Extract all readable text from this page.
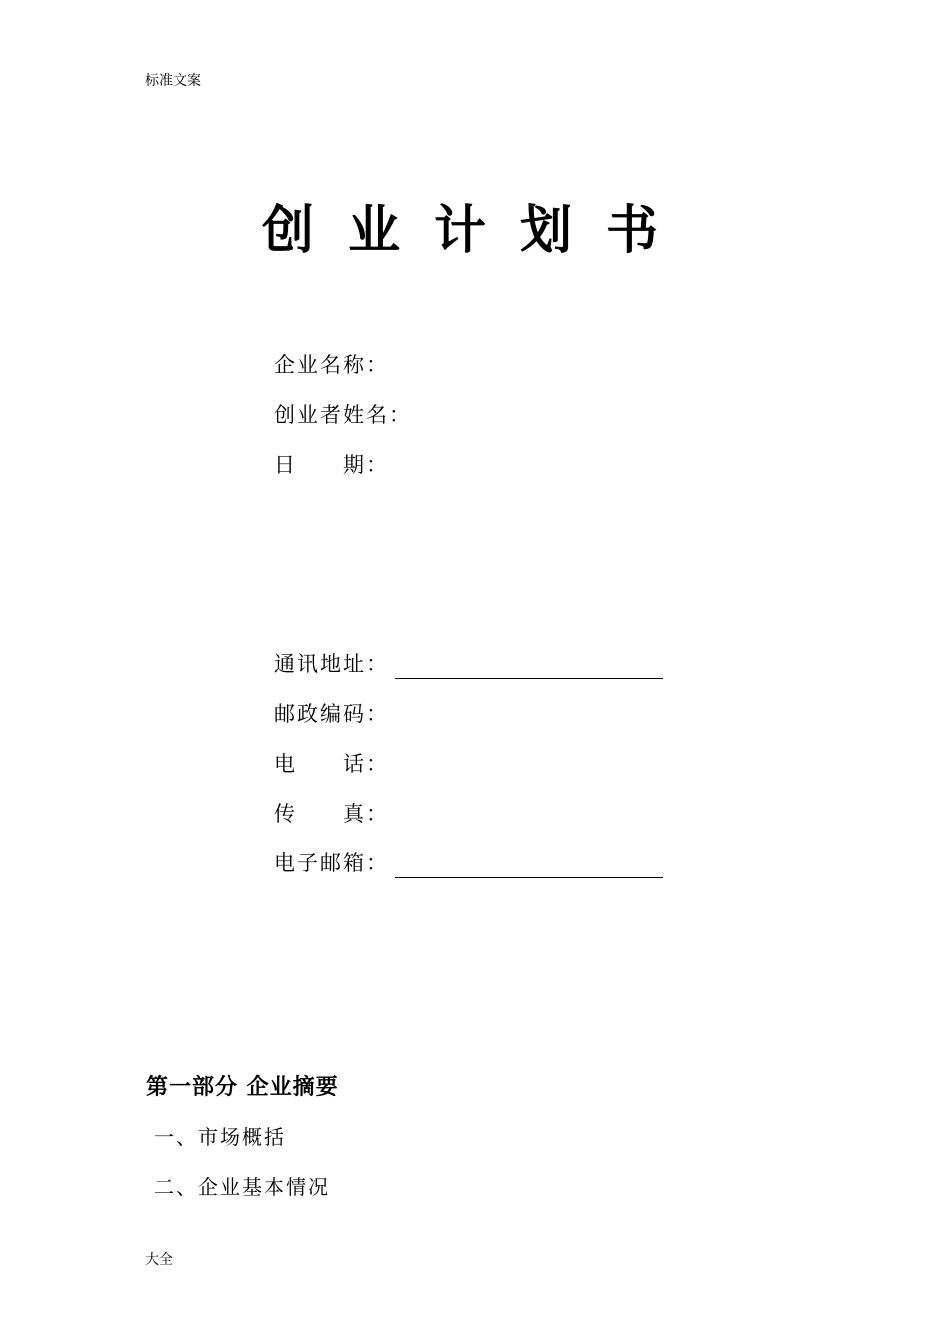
标准文案
创业计划书
企业名称：
创业者姓名：
日　　期：
通讯地址：
邮政编码：
电　　话：
传　　真：
电子邮箱：
第一部分 企业摘要
一、市场概括
二、企业基本情况
大全
